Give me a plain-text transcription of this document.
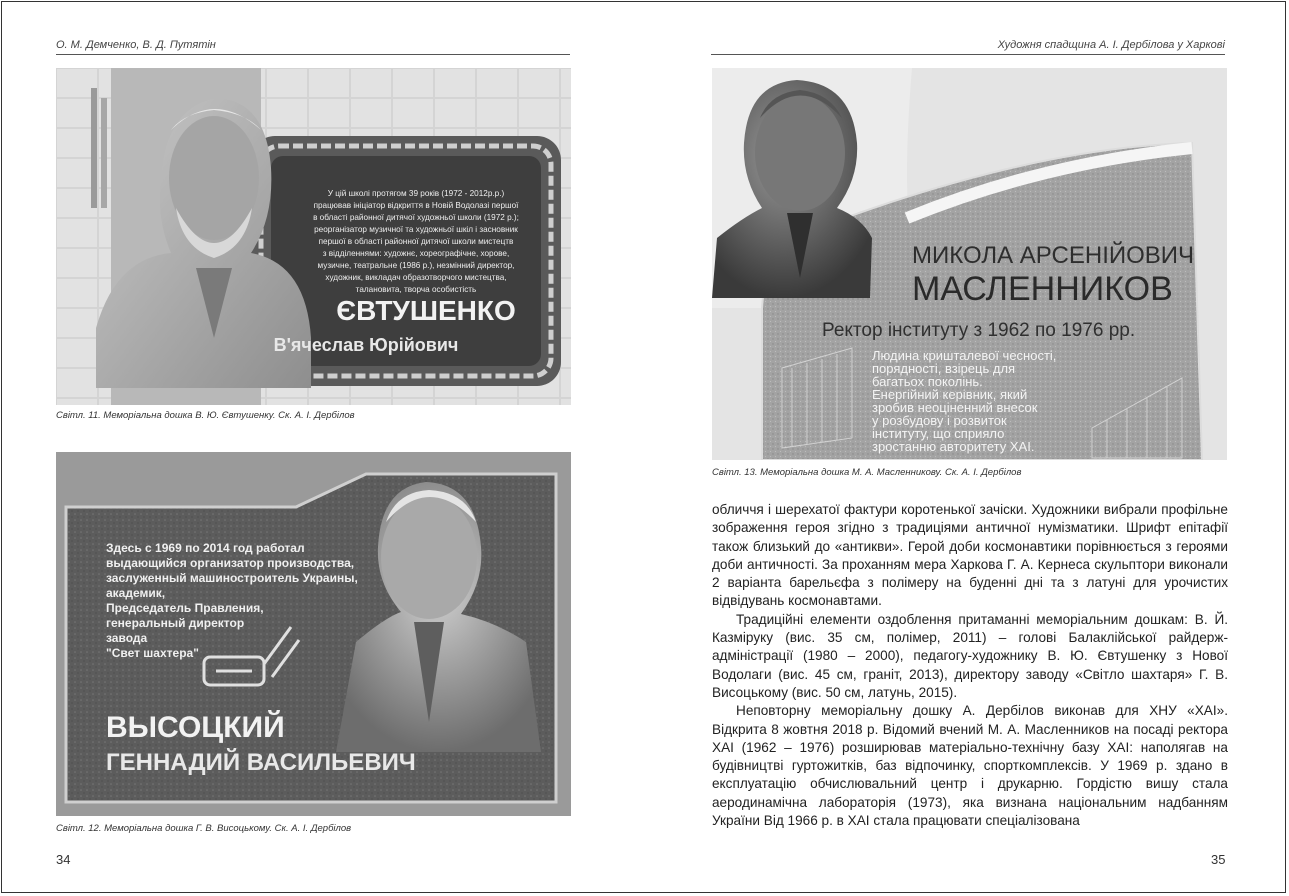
О. М. Демченко, В. Д. Путятін
У цій школі протягом 39 років (1972 - 2012р.р.)
працював ініціатор відкриття в Новій Водолазі першої
в області районної дитячої художньої школи (1972 р.);
реорганізатор музичної та художньої шкіл і засновник
першої в області районної дитячої школи мистецтв
з відділеннями: художнє, хореографічне, хорове,
музичне, театральне (1986 р.), незмінний директор,
художник, викладач образотворчого мистецтва,
талановита, творча особистість
ЄВТУШЕНКО
В'ячеслав Юрійович
Світл. 11. Меморіальна дошка В. Ю. Євтушенку. Ск. А. І. Дербілов
Здесь с 1969 по 2014 год работал
выдающийся организатор производства,
заслуженный машиностроитель Украины,
академик,
Председатель Правления,
генеральный директор
завода
"Свет шахтера"
ВЫСОЦКИЙ
ГЕННАДИЙ ВАСИЛЬЕВИЧ
Світл. 12. Меморіальна дошка Г. В. Висоцькому. Ск. А. І. Дербілов
34
Художня спадщина А. І. Дербілова у Харкові
МИКОЛА АРСЕНІЙОВИЧ
МАСЛЕННИКОВ
Ректор інституту з 1962 по 1976 рр.
Людина кришталевої чесності,
порядності, взірець для
багатьох поколінь.
Енергійний керівник, який
зробив неоціненний внесок
у розбудову і розвиток
інституту, що сприяло
зростанню авторитету ХАІ.
Світл. 13. Меморіальна дошка М. А. Масленникову. Ск. А. І. Дербілов

обличчя і шерехатої фактури коротенької зачіски. Художники вибрали профільне зображення героя згідно з традиціями античної нумізматики. Шрифт епітафії також близький до «антикви». Герой доби космонавтики порівнюється з героями доби античності. За проханням мера Харкова Г. А. Кернеса скульптори виконали 2 варіанта барельєфа з полімеру на буденні дні та з латуні для урочистих відвідувань космонавтами.

Традиційні елементи оздоблення притаманні меморіальним дошкам: В. Й. Казміруку (вис. 35 см, полімер, 2011) – голові Балаклійської райдерж-адміністрації (1980 – 2000), педагогу-художнику В. Ю. Євтушенку з Нової Водолаги (вис. 45 см, граніт, 2013), директору заводу «Світло шахтаря» Г. В. Висоцькому (вис. 50 см, латунь, 2015).

Неповторну меморіальну дошку А. Дербілов виконав для ХНУ «ХАІ». Відкрита 8 жовтня 2018 р. Відомий вчений М. А. Масленников на посаді ректора ХАІ (1962 – 1976) розширював матеріально-технічну базу ХАІ: наполягав на будівництві гуртожитків, баз відпочинку, спорткомплексів. У 1969 р. здано в експлуатацію обчислювальний центр і друкарню. Гордістю вишу стала аеродинамічна лабораторія (1973), яка визнана національним надбанням України Від 1966 р. в ХАІ стала працювати спеціалізована

35
